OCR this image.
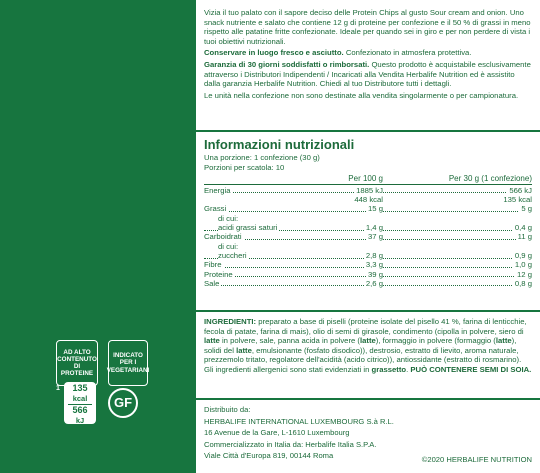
AD ALTO CONTENUTO DI PROTEINE
INDICATO PER I VEGETARIANI
1	135
kcal
566
kJ
GF

Vizia il tuo palato con il sapore deciso delle Protein Chips al gusto Sour cream and onion. Uno snack nutriente e salato che contiene 12 g di proteine per confezione e il 50 % di grassi in meno rispetto alle patatine fritte confezionate. Ideale per quando sei in giro e per non perdere di vista i tuoi obiettivi nutrizionali.

Conservare in luogo fresco e asciutto. Confezionato in atmosfera protettiva.

Garanzia di 30 giorni soddisfatti o rimborsati. Questo prodotto è acquistabile esclusivamente attraverso i Distributori Indipendenti / Incaricati alla Vendita Herbalife Nutrition ed è assistito dalla garanzia Herbalife Nutrition. Chiedi al tuo Distributore tutti i dettagli.

Le unità nella confezione non sono destinate alla vendita singolarmente o per campionatura.

Informazioni nutrizionali
Una porzione: 1 confezione (30 g)
Porzioni per scatola: 10
Per 100 g	Per 30 g (1 confezione)
Energia	1885 kJ	566 kJ
448 kcal	135 kcal
Grassi	15 g	5 g
di cui:
acidi grassi saturi	1,4 g	0,4 g
Carboidrati	37 g	11 g
di cui:
zuccheri	2,8 g	0,9 g
Fibre	3,3 g	1,0 g
Proteine	39 g	12 g
Sale	2,6 g	0,8 g

INGREDIENTI: preparato a base di piselli (proteine isolate del pisello 41 %, farina di lenticchie, fecola di patate, farina di mais), olio di semi di girasole, condimento (cipolla in polvere, siero di latte in polvere, sale, panna acida in polvere (latte), formaggio in polvere (formaggio (latte), solidi del latte, emulsionante (fosfato disodico)), destrosio, estratto di lievito, aroma naturale, prezzemolo tritato, regolatore dell'acidità (acido citrico)), antiossidante (estratto di rosmarino). Gli ingredienti allergenici sono stati evidenziati in grassetto. PUÒ CONTENERE SEMI DI SOIA.

Distribuito da:
HERBALIFE INTERNATIONAL LUXEMBOURG S.à R.L.
16 Avenue de la Gare, L-1610 Luxembourg
Commercializzato in Italia da: Herbalife Italia S.P.A.
Viale Città d'Europa 819, 00144 Roma	©2020 HERBALIFE NUTRITION
